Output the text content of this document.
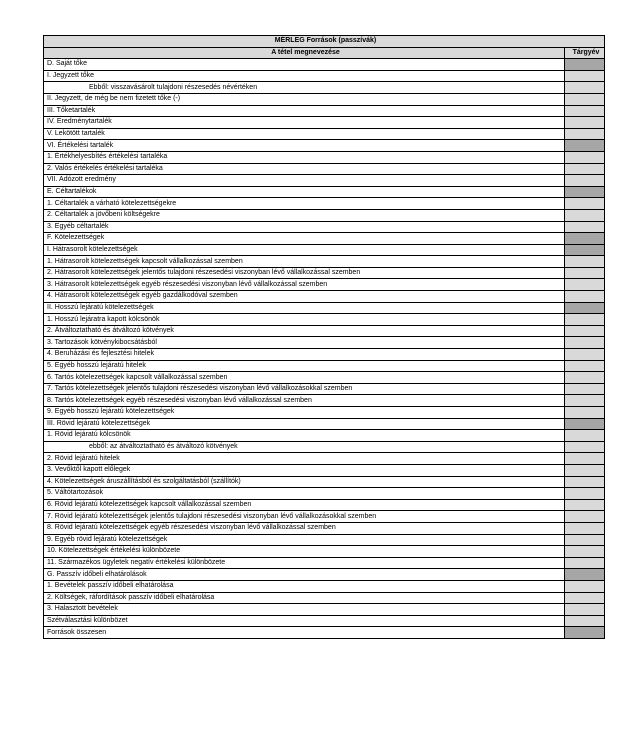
MÉRLEG Források (passzívák)	
A tétel megnevezése	Tárgyév
D. Saját tőke	
I. Jegyzett tőke	
Ebből: visszavásárolt tulajdoni részesedés névértéken	
II. Jegyzett, de még be nem fizetett tőke (-)	
III. Tőketartalék	
IV. Eredménytartalék	
V. Lekötött tartalék	
VI. Értékelési tartalék	
1. Értékhelyesbítés értékelési tartaléka	
2. Valós értékelés értékelési tartaléka	
VII. Adózott eredmény	
E. Céltartalékok	
1. Céltartalék a várható kötelezettségekre	
2. Céltartalék a jövőbeni költségekre	
3. Egyéb céltartalék	
F. Kötelezettségek	
I. Hátrasorolt kötelezettségek	
1. Hátrasorolt kötelezettségek kapcsolt vállalkozással szemben	
2. Hátrasorolt kötelezettségek jelentős tulajdoni részesedési viszonyban lévő vállalkozással szemben	
3. Hátrasorolt kötelezettségek egyéb részesedési viszonyban lévő vállalkozással szemben	
4. Hátrasorolt kötelezettségek egyéb gazdálkodóval szemben	
II. Hosszú lejáratú kötelezettségek	
1. Hosszú lejáratra kapott kölcsönök	
2. Átváltoztatható és átváltozó kötvények	
3. Tartozások kötvénykibocsátásból	
4. Beruházási és fejlesztési hitelek	
5. Egyéb hosszú lejáratú hitelek	
6. Tartós kötelezettségek kapcsolt vállalkozással szemben	
7. Tartós kötelezettségek jelentős tulajdoni részesedési viszonyban lévő vállalkozásokkal szemben	
8. Tartós kötelezettségek egyéb részesedési viszonyban lévő vállalkozással szemben	
9. Egyéb hosszú lejáratú kötelezettségek	
III. Rövid lejáratú kötelezettségek	
1. Rövid lejáratú kölcsönök	
ebből: az átváltoztatható és átváltozó kötvények	
2. Rövid lejáratú hitelek	
3. Vevőktől kapott előlegek	
4. Kötelezettségek áruszállításból és szolgáltatásból (szállítók)	
5. Váltótartozások	
6. Rövid lejáratú kötelezettségek kapcsolt vállalkozással szemben	
7. Rövid lejáratú kötelezettségek jelentős tulajdoni részesedési viszonyban lévő vállalkozásokkal szemben	
8. Rövid lejáratú kötelezettségek egyéb részesedési viszonyban lévő vállalkozással szemben	
9. Egyéb rövid lejáratú kötelezettségek	
10. Kötelezettségek értékelési különbözete	
11. Származékos ügyletek negatív értékelési különbözete	
G. Passzív időbeli elhatárolások	
1. Bevételek passzív időbeli elhatárolása	
2. Költségek, ráfordítások passzív időbeli elhatárolása	
3. Halasztott bevételek	
Szétválasztási különbözet	
Források összesen	
